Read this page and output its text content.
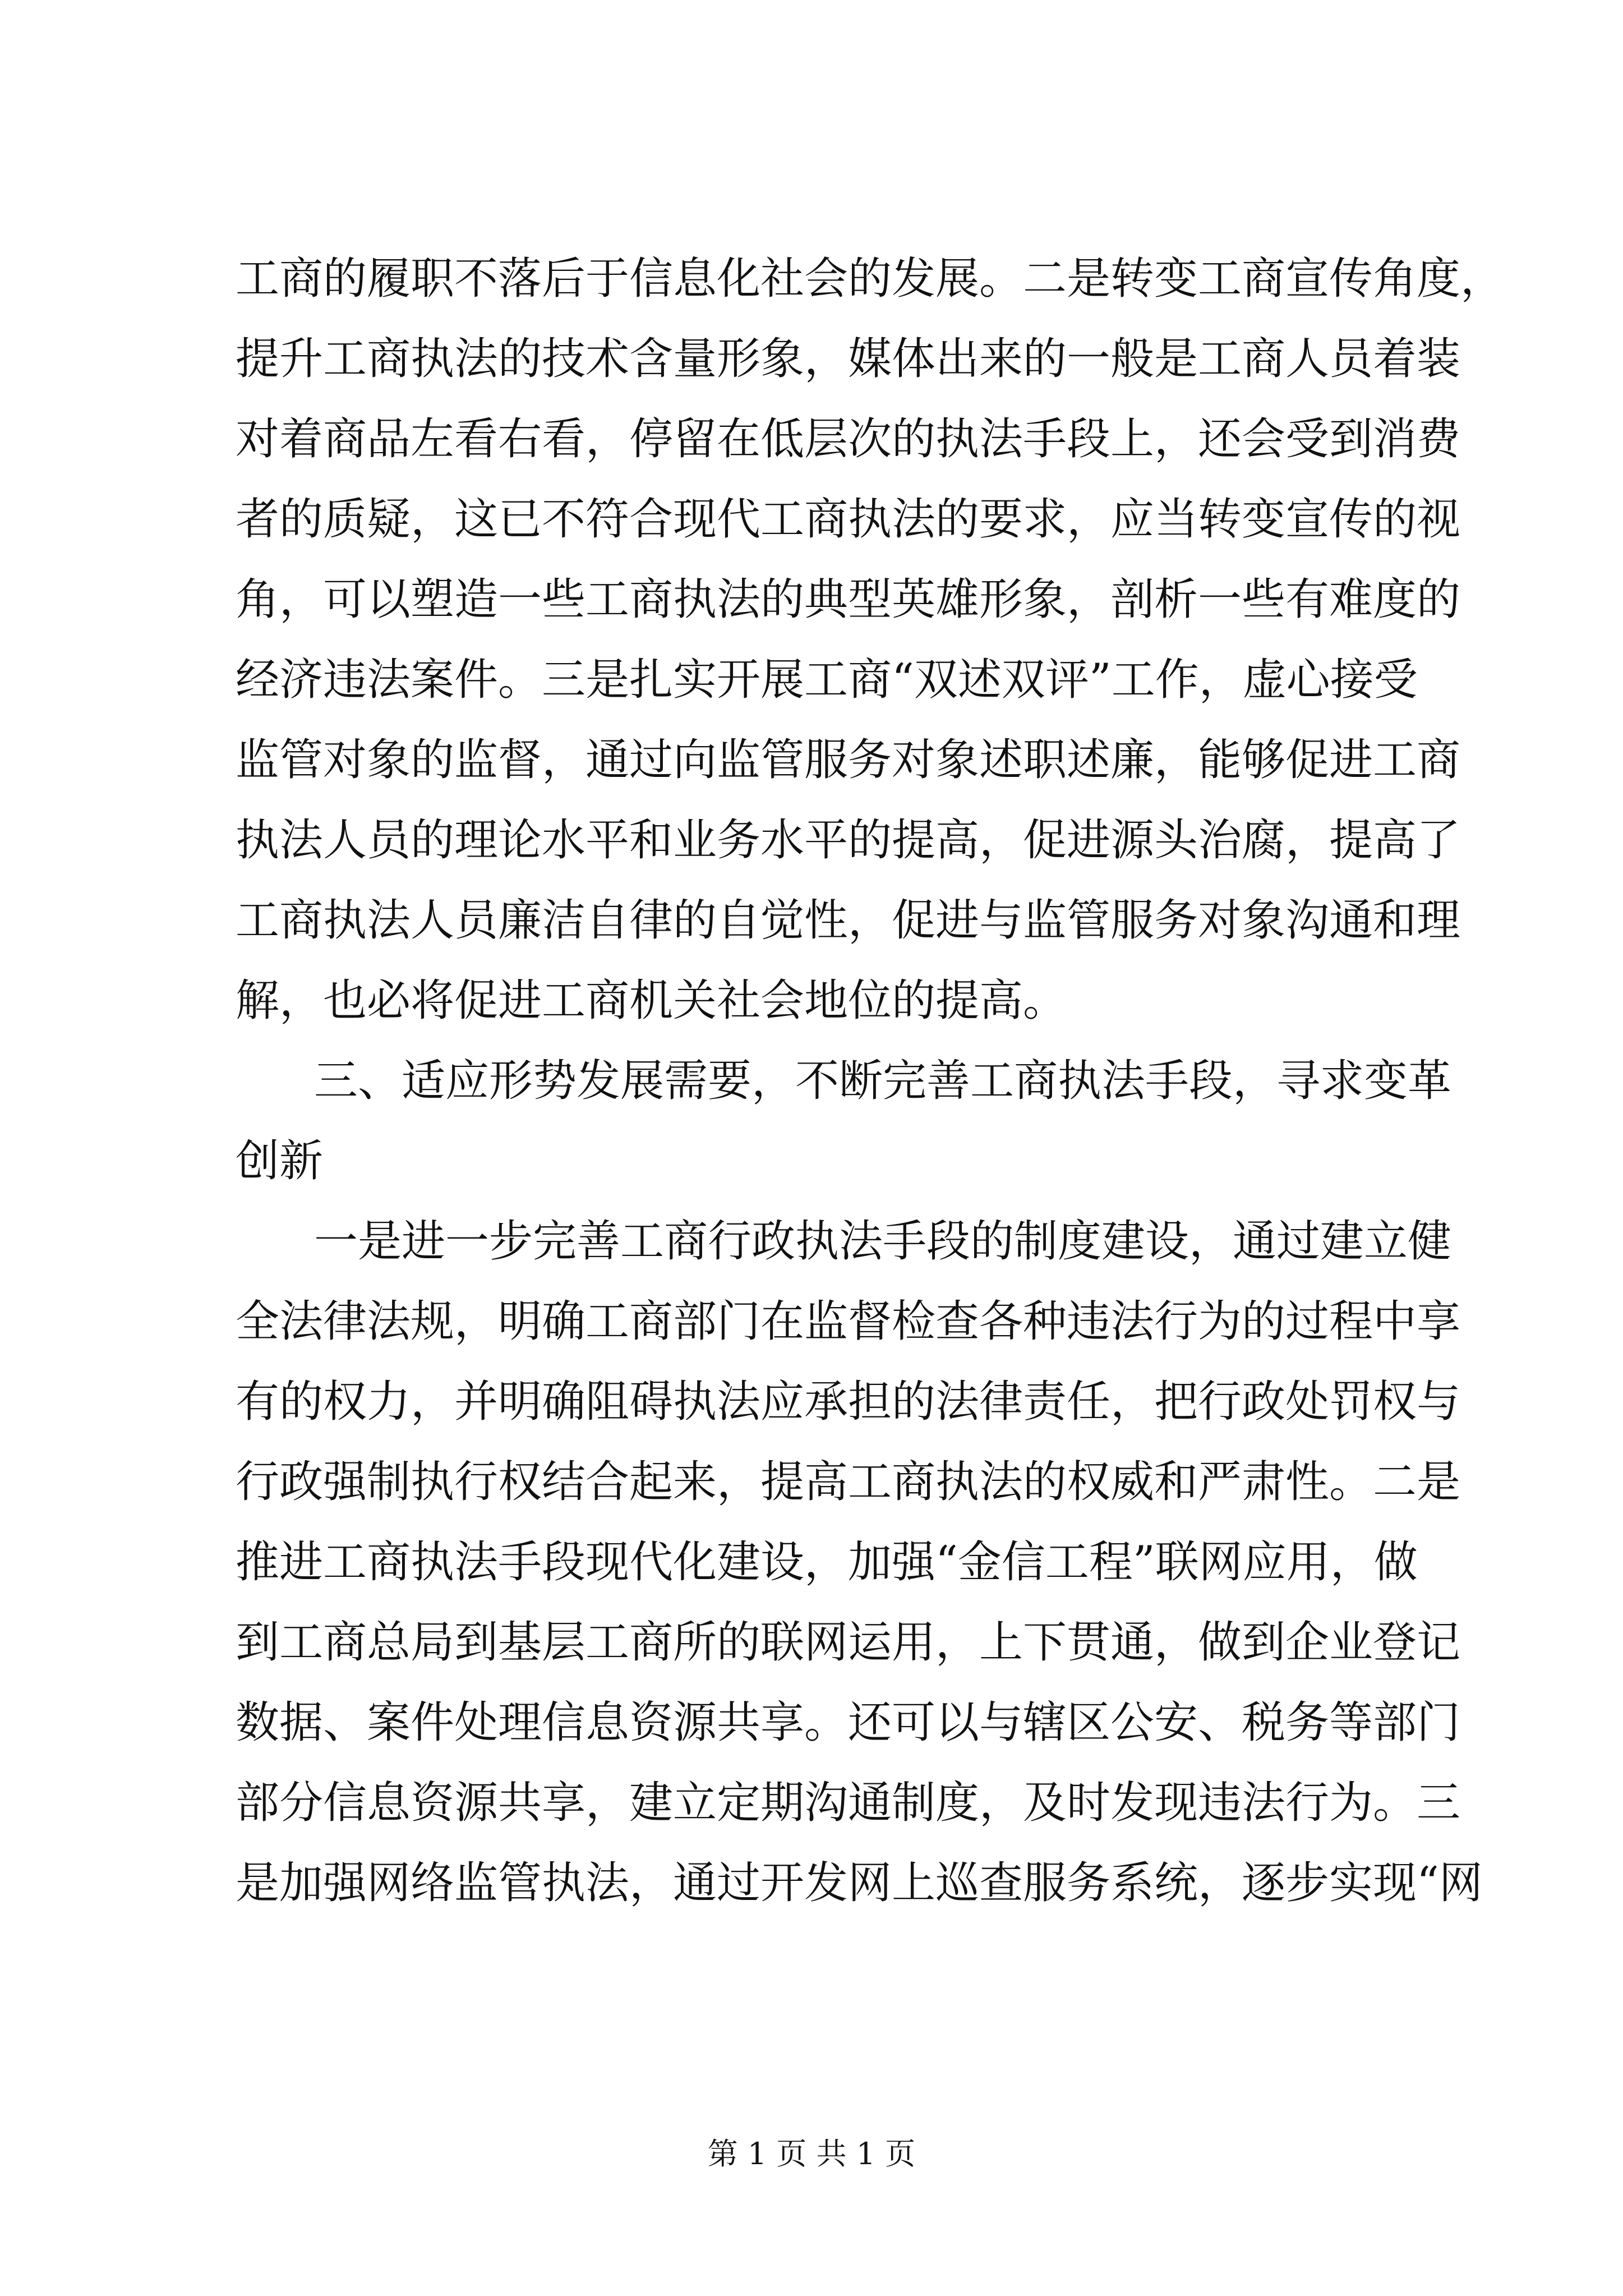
工商的履职不落后于信息化社会的发展。二是转变工商宣传角度，
提升工商执法的技术含量形象，媒体出来的一般是工商人员着装
对着商品左看右看，停留在低层次的执法手段上，还会受到消费
者的质疑，这已不符合现代工商执法的要求，应当转变宣传的视
角，可以塑造一些工商执法的典型英雄形象，剖析一些有难度的
经济违法案件。三是扎实开展工商“双述双评”工作，虚心接受
监管对象的监督，通过向监管服务对象述职述廉，能够促进工商
执法人员的理论水平和业务水平的提高，促进源头治腐，提高了
工商执法人员廉洁自律的自觉性，促进与监管服务对象沟通和理
解，也必将促进工商机关社会地位的提高。
三、适应形势发展需要，不断完善工商执法手段，寻求变革
创新
一是进一步完善工商行政执法手段的制度建设，通过建立健
全法律法规，明确工商部门在监督检查各种违法行为的过程中享
有的权力，并明确阻碍执法应承担的法律责任，把行政处罚权与
行政强制执行权结合起来，提高工商执法的权威和严肃性。二是
推进工商执法手段现代化建设，加强“金信工程”联网应用，做
到工商总局到基层工商所的联网运用，上下贯通，做到企业登记
数据、案件处理信息资源共享。还可以与辖区公安、税务等部门
部分信息资源共享，建立定期沟通制度，及时发现违法行为。三
是加强网络监管执法，通过开发网上巡查服务系统，逐步实现“网
第 1 页 共 1 页
